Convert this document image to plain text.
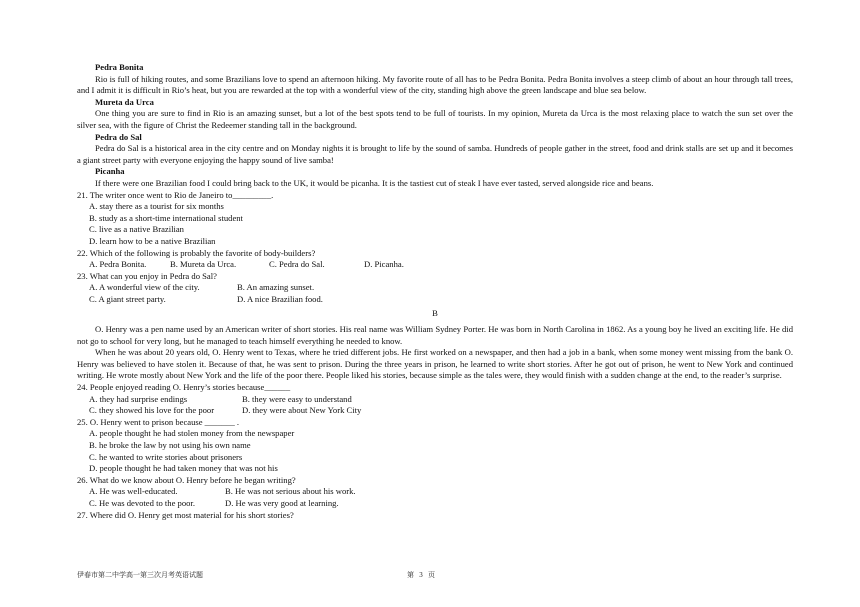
Pedra Bonita
Rio is full of hiking routes, and some Brazilians love to spend an afternoon hiking. My favorite route of all has to be Pedra Bonita. Pedra Bonita involves a steep climb of about an hour through tall trees, and I admit it is difficult in Rio’s heat, but you are rewarded at the top with a wonderful view of the city, standing high above the green landscape and blue sea below.
Mureta da Urca
One thing you are sure to find in Rio is an amazing sunset, but a lot of the best spots tend to be full of tourists. In my opinion, Mureta da Urca is the most relaxing place to watch the sun set over the silver sea, with the figure of Christ the Redeemer standing tall in the background.
Pedra do Sal
Pedra do Sal is a historical area in the city centre and on Monday nights it is brought to life by the sound of samba. Hundreds of people gather in the street, food and drink stalls are set up and it becomes a giant street party with everyone enjoying the happy sound of live samba!
Picanha
If there were one Brazilian food I could bring back to the UK, it would be picanha. It is the tastiest cut of steak I have ever tasted, served alongside rice and beans.
21. The writer once went to Rio de Janeiro to_________.
A. stay there as a tourist for six months
B. study as a short-time international student
C. live as a native Brazilian
D. learn how to be a native Brazilian
22. Which of the following is probably the favorite of body-builders?
A. Pedra Bonita.	B. Mureta da Urca.	C. Pedra do Sal.	D. Picanha.
23. What can you enjoy in Pedra do Sal?
A. A wonderful view of the city.	B. An amazing sunset.
C. A giant street party.	D. A nice Brazilian food.
B
O. Henry was a pen name used by an American writer of short stories. His real name was William Sydney Porter. He was born in North Carolina in 1862. As a young boy he lived an exciting life. He did not go to school for very long, but he managed to teach himself everything he needed to know.
When he was about 20 years old, O. Henry went to Texas, where he tried different jobs. He first worked on a newspaper, and then had a job in a bank, when some money went missing from the bank O. Henry was believed to have stolen it. Because of that, he was sent to prison. During the three years in prison, he learned to write short stories. After he got out of prison, he went to New York and continued writing. He wrote mostly about New York and the life of the poor there. People liked his stories, because simple as the tales were, they would finish with a sudden change at the end, to the reader’s surprise.
24. People enjoyed reading O. Henry’s stories because______
A. they had surprise endings	B. they were easy to understand
C. they showed his love for the poor	D. they were about New York City
25. O. Henry went to prison because _______ .
A. people thought he had stolen money from the newspaper
B. he broke the law by not using his own name
C. he wanted to write stories about prisoners
D. people thought he had taken money that was not his
26. What do we know about O. Henry before he began writing?
A. He was well-educated.	B. He was not serious about his work.
C. He was devoted to the poor.	D. He was very good at learning.
27. Where did O. Henry get most material for his short stories?
伊春市第二中学高一第三次月考英语试题	第   3   页
